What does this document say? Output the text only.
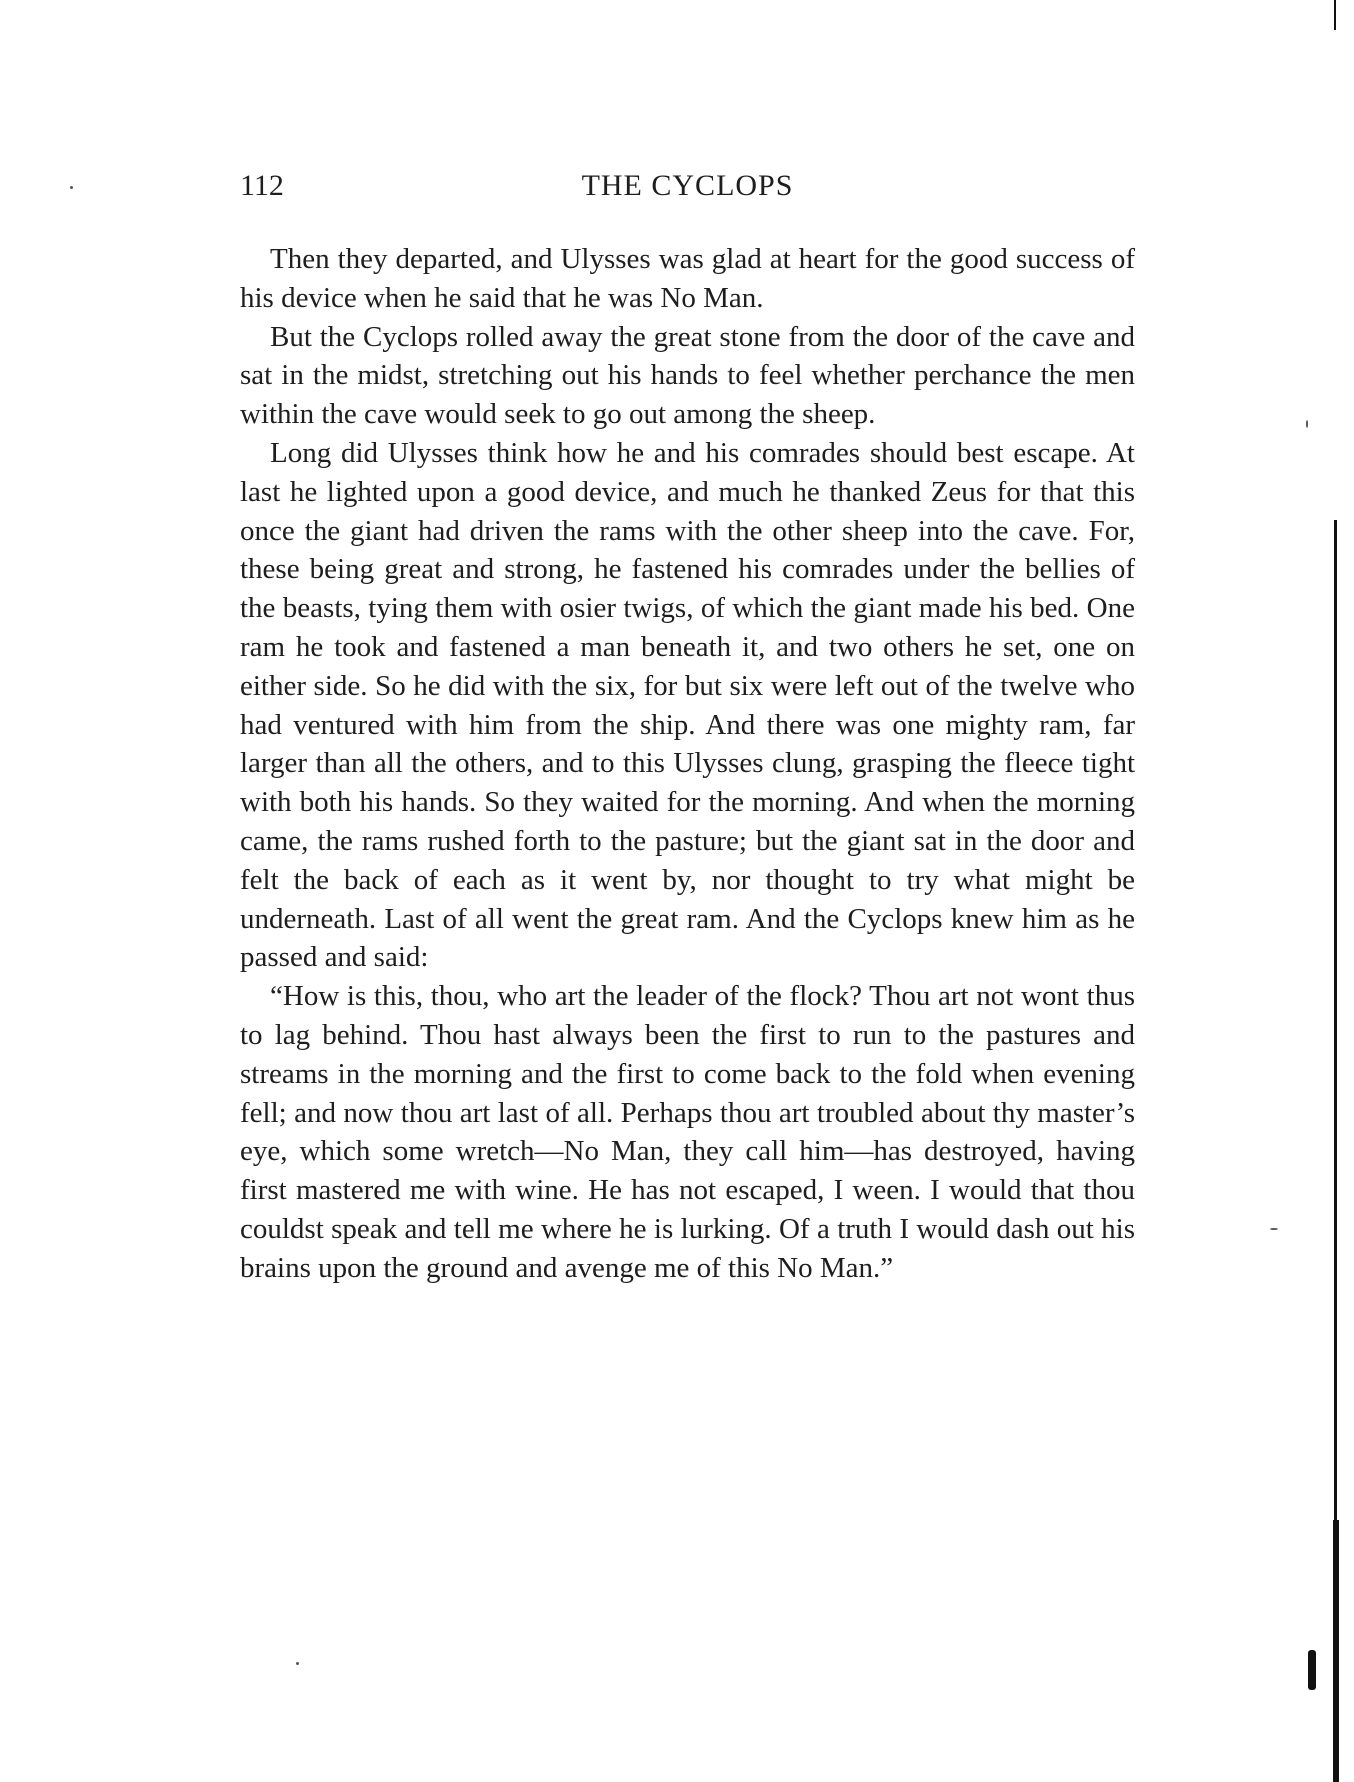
112	THE CYCLOPS

Then they departed, and Ulysses was glad at heart for the good success of his device when he said that he was No Man.

But the Cyclops rolled away the great stone from the door of the cave and sat in the midst, stretching out his hands to feel whether perchance the men within the cave would seek to go out among the sheep.

Long did Ulysses think how he and his comrades should best escape. At last he lighted upon a good device, and much he thanked Zeus for that this once the giant had driven the rams with the other sheep into the cave. For, these being great and strong, he fastened his comrades under the bellies of the beasts, tying them with osier twigs, of which the giant made his bed. One ram he took and fastened a man beneath it, and two others he set, one on either side. So he did with the six, for but six were left out of the twelve who had ventured with him from the ship. And there was one mighty ram, far larger than all the others, and to this Ulysses clung, grasping the fleece tight with both his hands. So they waited for the morning. And when the morning came, the rams rushed forth to the pasture; but the giant sat in the door and felt the back of each as it went by, nor thought to try what might be underneath. Last of all went the great ram. And the Cyclops knew him as he passed and said:

“How is this, thou, who art the leader of the flock? Thou art not wont thus to lag behind. Thou hast always been the first to run to the pastures and streams in the morning and the first to come back to the fold when evening fell; and now thou art last of all. Perhaps thou art troubled about thy master’s eye, which some wretch—No Man, they call him—has destroyed, having first mastered me with wine. He has not escaped, I ween. I would that thou couldst speak and tell me where he is lurking. Of a truth I would dash out his brains upon the ground and avenge me of this No Man.”
